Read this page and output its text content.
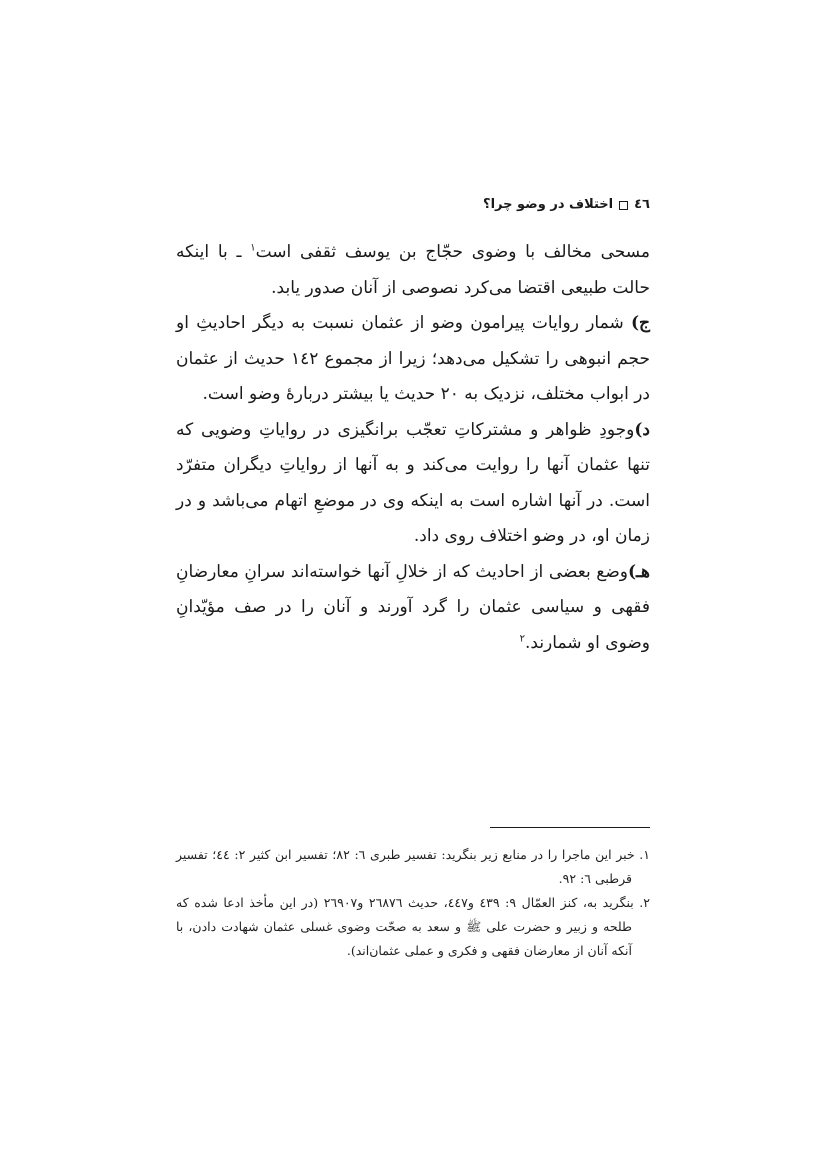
٤٦
اختلاف در وضو چرا؟

مسحی مخالف با وضوی حجّاج بن یوسف ثقفی است$^١$ ـ با اینکه حالت طبیعی اقتضا می‌کرد نصوصی از آنان صدور یابد.

ج) شمار روایات پیرامون وضو از عثمان نسبت به دیگر احادیثِ او حجم انبوهی را تشکیل می‌دهد؛ زیرا از مجموع ١٤٢ حدیث از عثمان در ابواب مختلف، نزدیک به ٢٠ حدیث یا بیشتر دربارهٔ وضو است.

د)وجودِ ظواهر و مشترکاتِ تعجّب برانگیزی در روایاتِ وضویی که تنها عثمان آنها را روایت می‌کند و به آنها از روایاتِ دیگران متفرّد است. در آنها اشاره است به اینکه وی در موضعِ اتهام می‌باشد و در زمان او، در وضو اختلاف روی داد.

هـ)وضع بعضی از احادیث که از خلالِ آنها خواسته‌اند سرانِ معارضانِ فقهی و سیاسی عثمان را گرد آورند و آنان را در صف مؤیّدانِ وضوی او شمارند.$^٢$

١. خبر این ماجرا را در منابع زیر بنگرید: تفسیر طبری ٦: ٨٢؛ تفسیر ابن کثیر ٢: ٤٤؛ تفسیر قرطبی ٦: ٩٢.

٢. بنگرید به، کنز العمّال ٩: ٤٣٩ و٤٤٧، حدیث ٢٦٨٧٦ و٢٦٩٠٧ (در این مأخذ ادعا شده که طلحه و زبیر و حضرت علی ﷺ و سعد به صحّت وضوی غسلی عثمان شهادت دادن، با آنکه آنان از معارضان فقهی و فکری و عملی عثمان‌اند).
